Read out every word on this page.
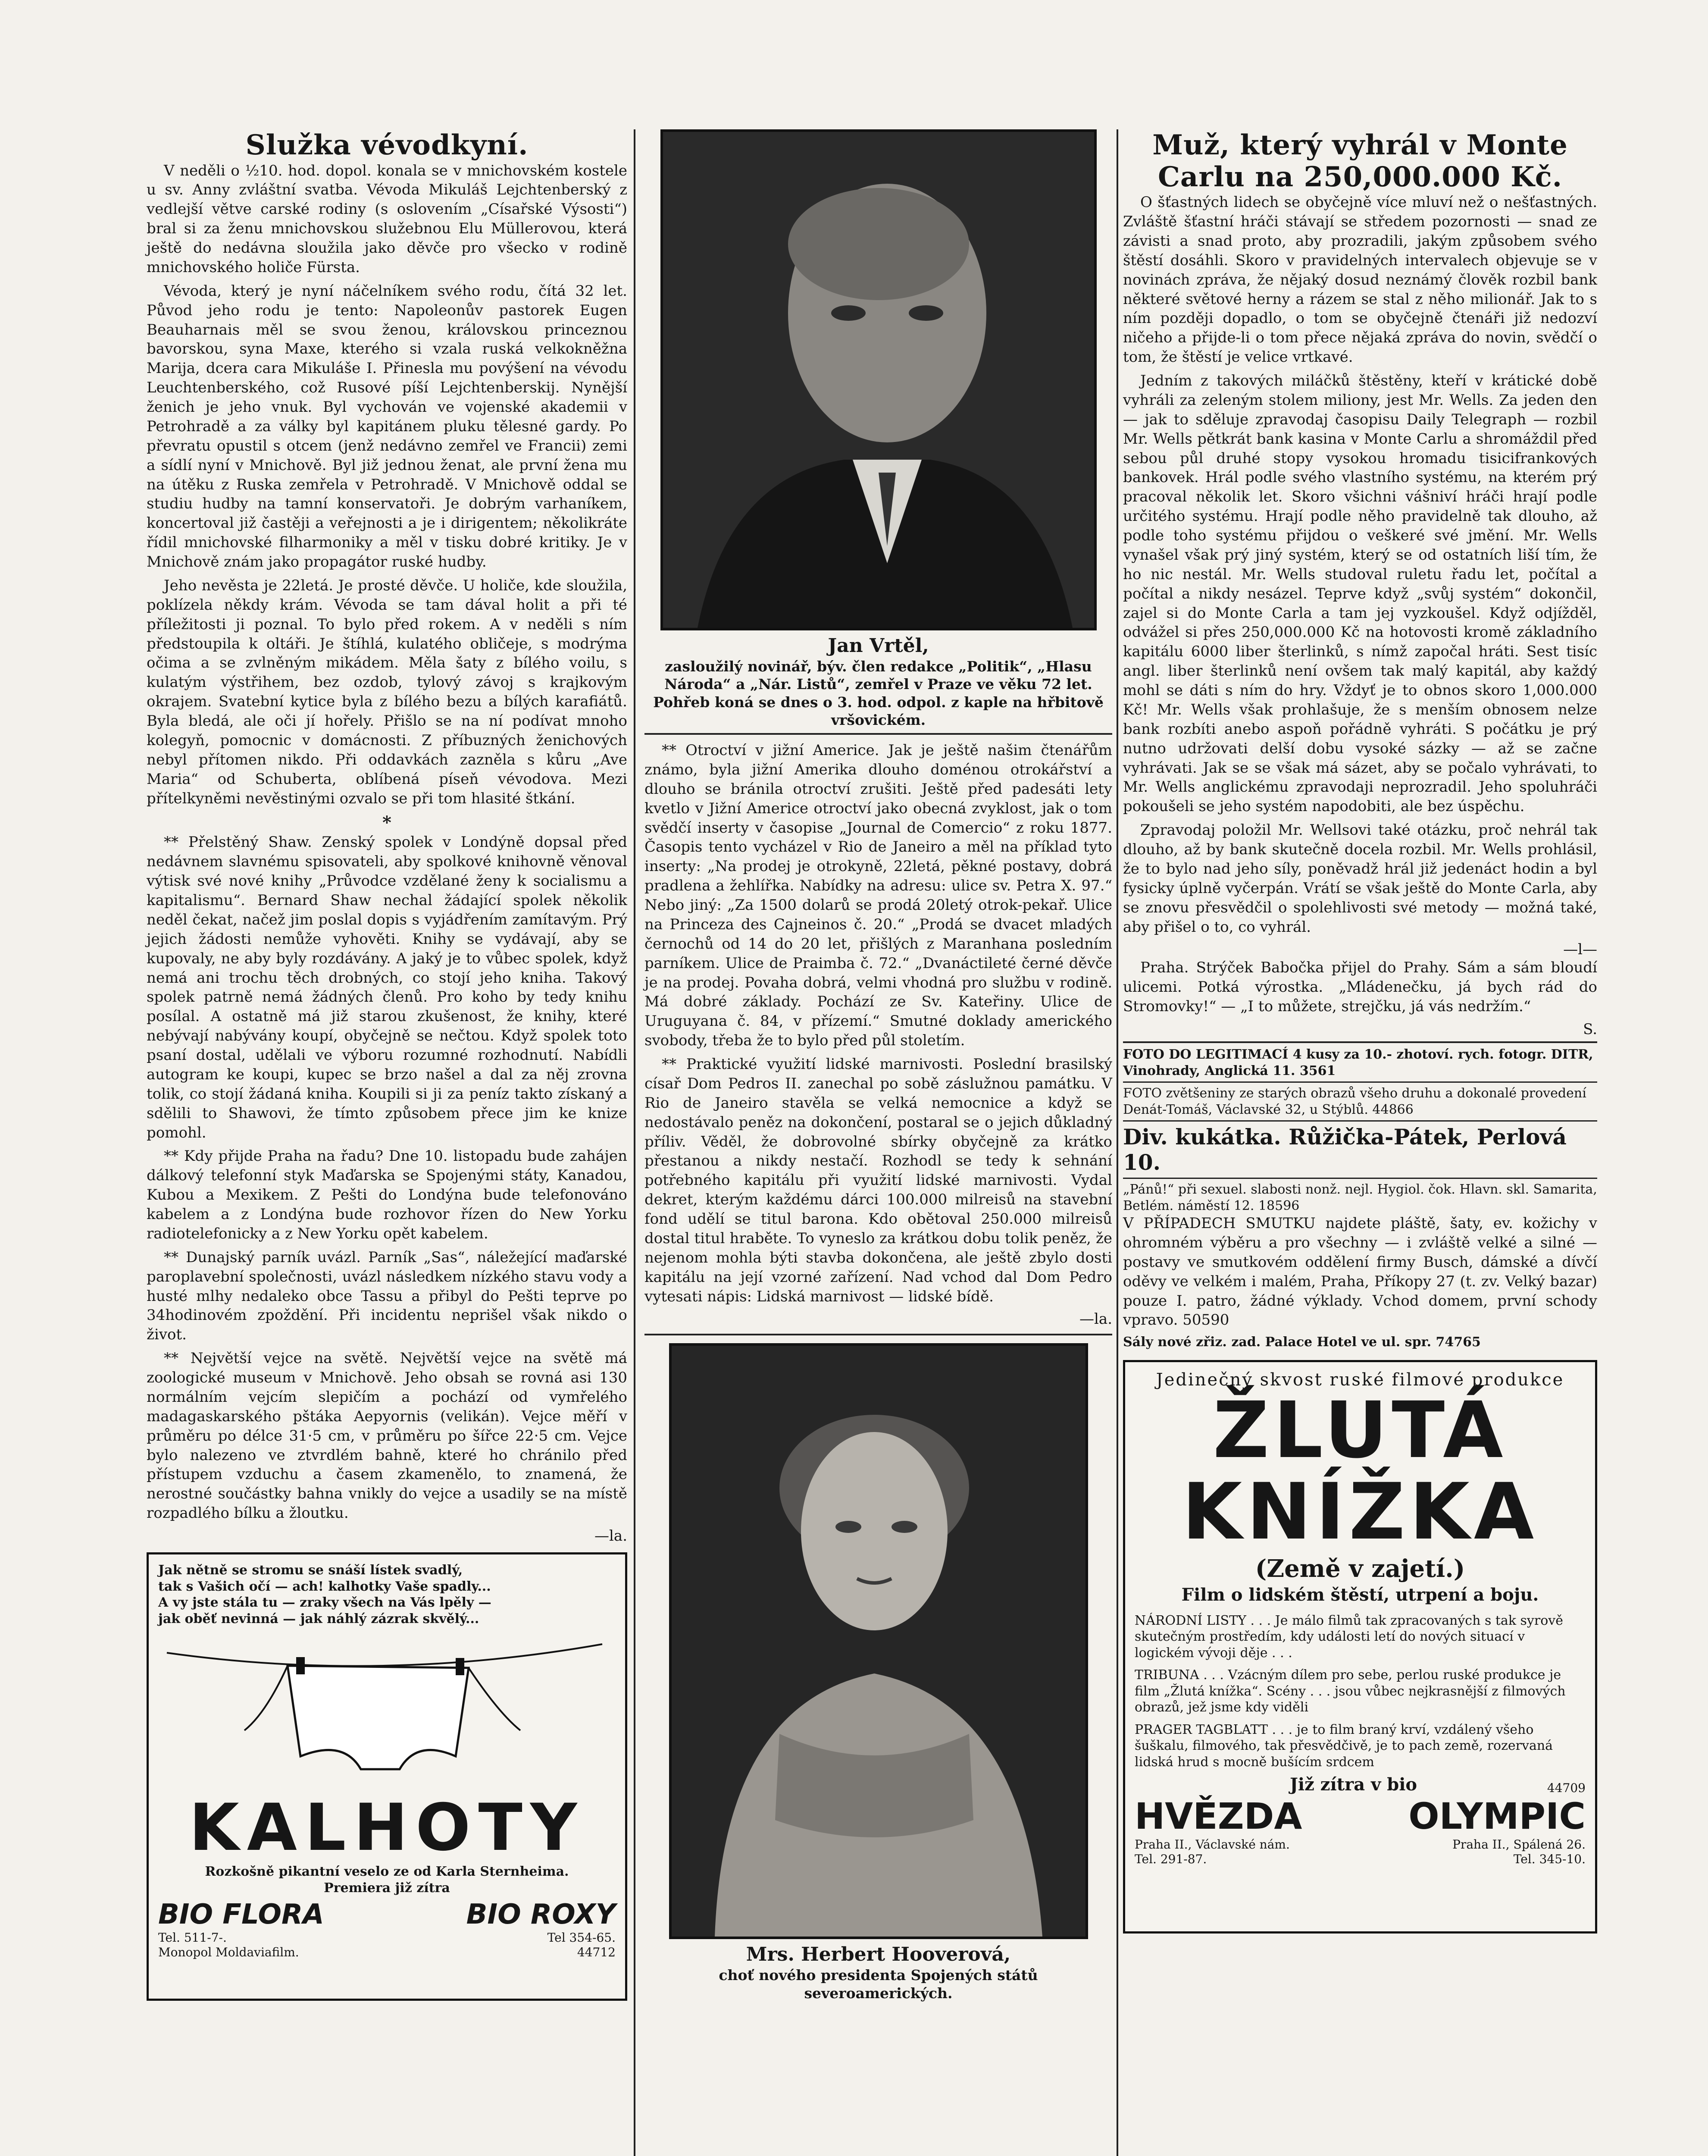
Služka vévodkyní.

V neděli o ½10. hod. dopol. konala se v mnichovském kostele u sv. Anny zvláštní svatba. Vévoda Mikuláš Lejchtenberský z vedlejší větve carské rodiny (s oslovením „Císařské Výsosti“) bral si za ženu mnichovskou služebnou Elu Müllerovou, která ještě do nedávna sloužila jako děvče pro všecko v rodině mnichovského holiče Fürsta.

Vévoda, který je nyní náčelníkem svého rodu, čítá 32 let. Původ jeho rodu je tento: Napoleonův pastorek Eugen Beauharnais měl se svou ženou, královskou princeznou bavorskou, syna Maxe, kterého si vzala ruská velkokněžna Marija, dcera cara Mikuláše I. Přinesla mu povýšení na vévodu Leuchtenberského, což Rusové píší Lejchtenberskij. Nynější ženich je jeho vnuk. Byl vychován ve vojenské akademii v Petrohradě a za války byl kapitánem pluku tělesné gardy. Po převratu opustil s otcem (jenž nedávno zemřel ve Francii) zemi a sídlí nyní v Mnichově. Byl již jednou ženat, ale první žena mu na útěku z Ruska zemřela v Petrohradě. V Mnichově oddal se studiu hudby na tamní konservatoři. Je dobrým varhaníkem, koncertoval již častěji a veřejnosti a je i dirigentem; několikráte řídil mnichovské filharmoniky a měl v tisku dobré kritiky. Je v Mnichově znám jako propagátor ruské hudby.

Jeho nevěsta je 22letá. Je prosté děvče. U holiče, kde sloužila, poklízela někdy krám. Vévoda se tam dával holit a při té příležitosti ji poznal. To bylo před rokem. A v neděli s ním předstoupila k oltáři. Je štíhlá, kulatého obličeje, s modrýma očima a se zvlněným mikádem. Měla šaty z bílého voilu, s kulatým výstřihem, bez ozdob, tylový závoj s krajkovým okrajem. Svatební kytice byla z bílého bezu a bílých karafiátů. Byla bledá, ale oči jí hořely. Přišlo se na ní podívat mnoho kolegyň, pomocnic v domácnosti. Z příbuzných ženichových nebyl přítomen nikdo. Při oddavkách zazněla s kůru „Ave Maria“ od Schuberta, oblíbená píseň vévodova. Mezi přítelkyněmi nevěstinými ozvalo se při tom hlasité štkání.

*

** Přelstěný Shaw. Zenský spolek v Londýně dopsal před nedávnem slavnému spisovateli, aby spolkové knihovně věnoval výtisk své nové knihy „Průvodce vzdělané ženy k socialismu a kapitalismu“. Bernard Shaw nechal žádající spolek několik neděl čekat, načež jim poslal dopis s vyjádřením zamítavým. Prý jejich žádosti nemůže vyhověti. Knihy se vydávají, aby se kupovaly, ne aby byly rozdávány. A jaký je to vůbec spolek, když nemá ani trochu těch drobných, co stojí jeho kniha. Takový spolek patrně nemá žádných členů. Pro koho by tedy knihu posílal. A ostatně má již starou zkušenost, že knihy, které nebývají nabývány koupí, obyčejně se nečtou. Když spolek toto psaní dostal, udělali ve výboru rozumné rozhodnutí. Nabídli autogram ke koupi, kupec se brzo našel a dal za něj zrovna tolik, co stojí žádaná kniha. Koupili si ji za peníz takto získaný a sdělili to Shawovi, že tímto způsobem přece jim ke knize pomohl.

** Kdy přijde Praha na řadu? Dne 10. listopadu bude zahájen dálkový telefonní styk Maďarska se Spojenými státy, Kanadou, Kubou a Mexikem. Z Pešti do Londýna bude telefonováno kabelem a z Londýna bude rozhovor řízen do New Yorku radiotelefonicky a z New Yorku opět kabelem.

** Dunajský parník uvázl. Parník „Sas“, náležející maďarské paroplavební společnosti, uvázl následkem nízkého stavu vody a husté mlhy nedaleko obce Tassu a přibyl do Pešti teprve po 34hodinovém zpoždění. Při incidentu neprišel však nikdo o život.

** Největší vejce na světě. Největší vejce na světě má zoologické museum v Mnichově. Jeho obsah se rovná asi 130 normálním vejcím slepičím a pochází od vymřelého madagaskarského pštáka Aepyornis (velikán). Vejce měří v průměru po délce 31·5 cm, v průměru po šířce 22·5 cm. Vejce bylo nalezeno ve ztvrdlém bahně, které ho chránilo před přístupem vzduchu a časem zkamenělo, to znamená, že nerostné součástky bahna vnikly do vejce a usadily se na místě rozpadlého bílku a žloutku.

—la.

Jak nětně se stromu se snáší lístek svadlý,

tak s Vašich očí — ach! kalhotky Vaše spadly...

A vy jste stála tu — zraky všech na Vás lpěly —

jak oběť nevinná — jak náhlý zázrak skvělý...

KALHOTY

Rozkošně pikantní veselo ze od Karla Sternheima.

Premiera již zítra

BIO FLORA	BIO ROXY
Tel. 511-7-.	Tel 354-65.
Monopol Moldaviafilm.	44712
Jan Vrtěl,
zasloužilý novinář, býv. člen redakce „Politik“, „Hlasu Národa“ a „Nár. Listů“, zemřel v Praze ve věku 72 let.
Pohřeb koná se dnes o 3. hod. odpol. z kaple na hřbitově vršovickém.

** Otroctví v jižní Americe. Jak je ještě našim čtenářům známo, byla jižní Amerika dlouho doménou otrokářství a dlouho se bránila otroctví zrušiti. Ještě před padesáti lety kvetlo v Jižní Americe otroctví jako obecná zvyklost, jak o tom svědčí inserty v časopise „Journal de Comercio“ z roku 1877. Časopis tento vycházel v Rio de Janeiro a měl na příklad tyto inserty: „Na prodej je otrokyně, 22letá, pěkné postavy, dobrá pradlena a žehlířka. Nabídky na adresu: ulice sv. Petra X. 97.“ Nebo jiný: „Za 1500 dolarů se prodá 20letý otrok-pekař. Ulice na Princeza des Cajneinos č. 20.“ „Prodá se dvacet mladých černochů od 14 do 20 let, přišlých z Maranhana posledním parníkem. Ulice de Praimba č. 72.“ „Dvanáctileté černé děvče je na prodej. Povaha dobrá, velmi vhodná pro službu v rodině. Má dobré základy. Pochází ze Sv. Kateřiny. Ulice de Uruguyana č. 84, v přízemí.“ Smutné doklady amerického svobody, třeba že to bylo před půl stoletím.

** Praktické využití lidské marnivosti. Poslední brasilský císař Dom Pedros II. zanechal po sobě záslužnou památku. V Rio de Janeiro stavěla se velká nemocnice a když se nedostávalo peněz na dokončení, postaral se o jejich důkladný příliv. Věděl, že dobrovolné sbírky obyčejně za krátko přestanou a nikdy nestačí. Rozhodl se tedy k sehnání potřebného kapitálu při využití lidské marnivosti. Vydal dekret, kterým každému dárci 100.000 milreisů na stavební fond udělí se titul barona. Kdo obětoval 250.000 milreisů dostal titul hraběte. To vyneslo za krátkou dobu tolik peněz, že nejenom mohla býti stavba dokončena, ale ještě zbylo dosti kapitálu na její vzorné zařízení. Nad vchod dal Dom Pedro vytesati nápis: Lidská marnivost — lidské bídě.

—la.

Mrs. Herbert Hooverová,
choť nového presidenta Spojených států severoamerických.
Muž, který vyhrál v Monte Carlu na 250,000.000 Kč.

O šťastných lidech se obyčejně více mluví než o nešťastných. Zvláště šťastní hráči stávají se středem pozornosti — snad ze závisti a snad proto, aby prozradili, jakým způsobem svého štěstí dosáhli. Skoro v pravidelných intervalech objevuje se v novinách zpráva, že nějaký dosud neznámý člověk rozbil bank některé světové herny a rázem se stal z něho milionář. Jak to s ním později dopadlo, o tom se obyčejně čtenáři již nedozví ničeho a přijde-li o tom přece nějaká zpráva do novin, svědčí o tom, že štěstí je velice vrtkavé.

Jedním z takových miláčků štěstěny, kteří v krátické době vyhráli za zeleným stolem miliony, jest Mr. Wells. Za jeden den — jak to sděluje zpravodaj časopisu Daily Telegraph — rozbil Mr. Wells pětkrát bank kasina v Monte Carlu a shromáždil před sebou půl druhé stopy vysokou hromadu tisicifrankových bankovek. Hrál podle svého vlastního systému, na kterém prý pracoval několik let. Skoro všichni vášniví hráči hrají podle určitého systému. Hrají podle něho pravidelně tak dlouho, až podle toho systému přijdou o veškeré své jmění. Mr. Wells vynašel však prý jiný systém, který se od ostatních liší tím, že ho nic nestál. Mr. Wells studoval ruletu řadu let, počítal a počítal a nikdy nesázel. Teprve když „svůj systém“ dokončil, zajel si do Monte Carla a tam jej vyzkoušel. Když odjížděl, odvážel si přes 250,000.000 Kč na hotovosti kromě základního kapitálu 6000 liber šterlinků, s nímž započal hráti. Sest tisíc angl. liber šterlinků není ovšem tak malý kapitál, aby každý mohl se dáti s ním do hry. Vždyť je to obnos skoro 1,000.000 Kč! Mr. Wells však prohlašuje, že s menším obnosem nelze bank rozbíti anebo aspoň pořádně vyhráti. S počátku je prý nutno udržovati delší dobu vysoké sázky — až se začne vyhrávati. Jak se se však má sázet, aby se počalo vyhrávati, to Mr. Wells anglickému zpravodaji neprozradil. Jeho spoluhráči pokoušeli se jeho systém napodobiti, ale bez úspěchu.

Zpravodaj položil Mr. Wellsovi také otázku, proč nehrál tak dlouho, až by bank skutečně docela rozbil. Mr. Wells prohlásil, že to bylo nad jeho síly, poněvadž hrál již jedenáct hodin a byl fysicky úplně vyčerpán. Vrátí se však ještě do Monte Carla, aby se znovu přesvědčil o spolehlivosti své metody — možná také, aby přišel o to, co vyhrál.

—l—

Praha. Strýček Babočka přijel do Prahy. Sám a sám bloudí ulicemi. Potká výrostka. „Mládenečku, já bych rád do Stromovky!“ — „I to můžete, strejčku, já vás nedržím.“

S.

FOTO DO LEGITIMACÍ 4 kusy za 10.- zhotoví. rych. fotogr. DITR, Vinohrady, Anglická 11. 3561

FOTO zvětšeniny ze starých obrazů všeho druhu a dokonalé provedení Denát-Tomáš, Václavské 32, u Stýblů. 44866

Div. kukátka. Růžička-Pátek, Perlová 10.

„Pánů!“ při sexuel. slabosti nonž. nejl. Hygiol. čok. Hlavn. skl. Samarita, Betlém. náměstí 12. 18596

V PŘÍPADECH SMUTKU najdete pláště, šaty, ev. kožichy v ohromném výběru a pro všechny — i zvláště velké a silné — postavy ve smutkovém oddělení firmy Busch, dámské a dívčí oděvy ve velkém i malém, Praha, Příkopy 27 (t. zv. Velký bazar) pouze I. patro, žádné výklady. Vchod domem, první schody vpravo. 50590

Sály nové zřiz. zad. Palace Hotel ve ul. spr. 74765

Jedinečný skvost ruské filmové produkce

ŽLUTÁ
KNÍŽKA

(Země v zajetí.)

Film o lidském štěstí, utrpení a boju.

NÁRODNÍ LISTY . . . Je málo filmů tak zpracovaných s tak syrově skutečným prostředím, kdy události letí do nových situací v logickém vývoji děje . . .

TRIBUNA . . . Vzácným dílem pro sebe, perlou ruské produkce je film „Žlutá knížka“. Scény . . . jsou vůbec nejkrasnější z filmových obrazů, jež jsme kdy viděli

PRAGER TAGBLATT . . . je to film braný krví, vzdálený všeho šuškalu, filmového, tak přesvědčivě, je to pach země, rozervaná lidská hrud s mocně bušícím srdcem

Již zítra v bio	44709
HVĚZDA	OLYMPIC
Praha II., Václavské nám.	Praha II., Spálená 26.
Tel. 291-87.	Tel. 345-10.
